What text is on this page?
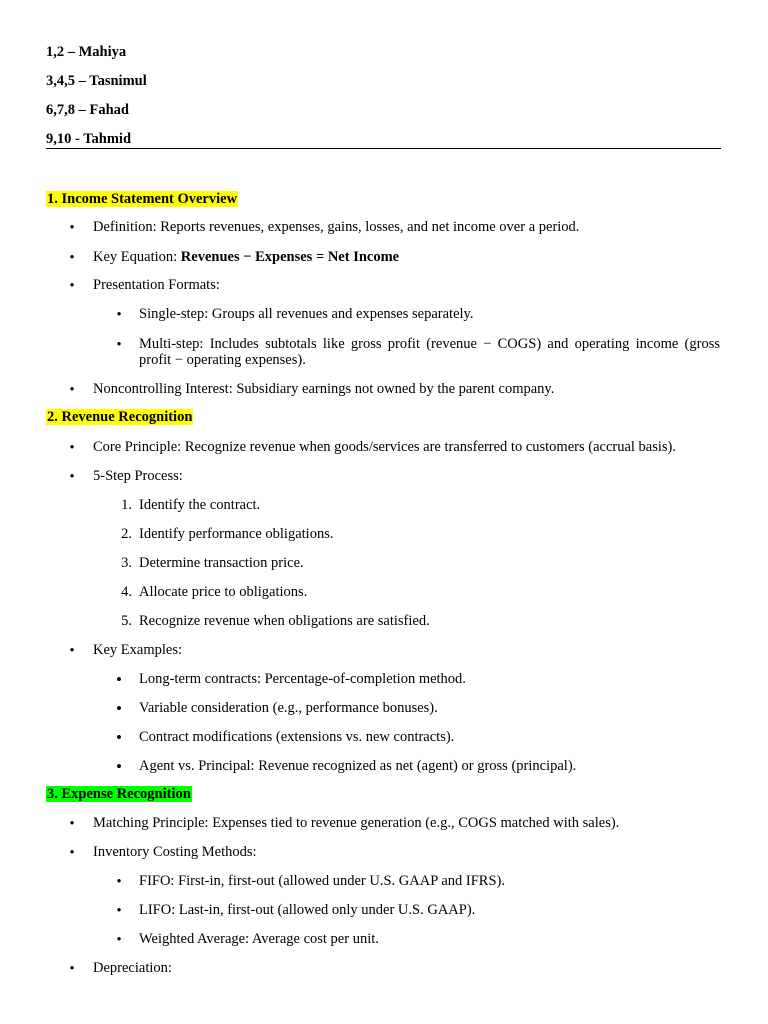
1,2 – Mahiya
3,4,5 – Tasnimul
6,7,8 – Fahad
9,10 - Tahmid
1. Income Statement Overview
• Definition: Reports revenues, expenses, gains, losses, and net income over a period.
• Key Equation: Revenues − Expenses = Net Income
• Presentation Formats:
• Single-step: Groups all revenues and expenses separately.
• Multi-step: Includes subtotals like gross profit (revenue − COGS) and operating income (gross profit − operating expenses).
• Noncontrolling Interest: Subsidiary earnings not owned by the parent company.
2. Revenue Recognition
• Core Principle: Recognize revenue when goods/services are transferred to customers (accrual basis).
• 5-Step Process:
1. Identify the contract.
2. Identify performance obligations.
3. Determine transaction price.
4. Allocate price to obligations.
5. Recognize revenue when obligations are satisfied.
• Key Examples:
• Long-term contracts: Percentage-of-completion method.
• Variable consideration (e.g., performance bonuses).
• Contract modifications (extensions vs. new contracts).
• Agent vs. Principal: Revenue recognized as net (agent) or gross (principal).
3. Expense Recognition
• Matching Principle: Expenses tied to revenue generation (e.g., COGS matched with sales).
• Inventory Costing Methods:
• FIFO: First-in, first-out (allowed under U.S. GAAP and IFRS).
• LIFO: Last-in, first-out (allowed only under U.S. GAAP).
• Weighted Average: Average cost per unit.
• Depreciation:
